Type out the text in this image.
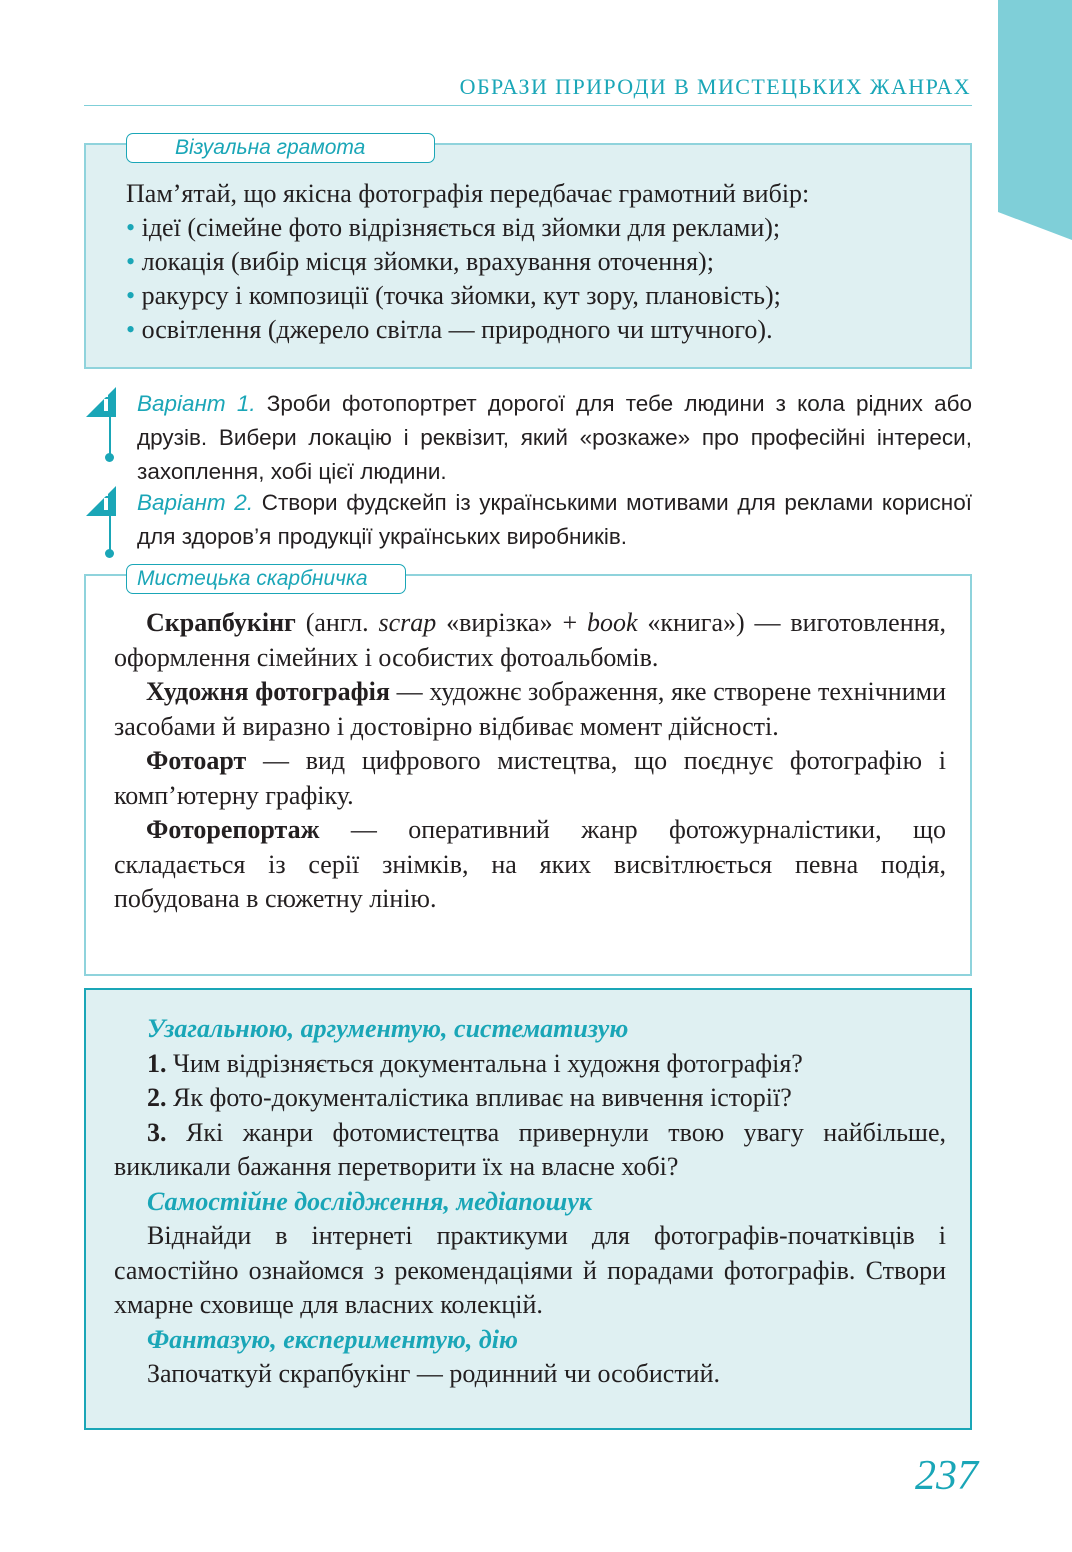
ОБРАЗИ ПРИРОДИ В МИСТЕЦЬКИХ ЖАНРАХ
Візуальна грамота
Пам’ятай, що якісна фотографія передбачає грамотний вибір:
• ідеї (сімейне фото відрізняється від зйомки для реклами);
• локація (вибір місця зйомки, врахування оточення);
• ракурсу і композиції (точка зйомки, кут зору, плановість);
• освітлення (джерело світла — природного чи штучного).
Варіант 1. Зроби фотопортрет дорогої для тебе людини з кола рідних або друзів. Вибери локацію і реквізит, який «розкаже» про професійні інтереси, захоплення, хобі цієї людини.
Варіант 2. Створи фудскейп із українськими мотивами для реклами корисної для здоров’я продукції українських виробників.
Мистецька скарбничка

Скрапбукінг (англ. scrap «вирізка» + book «книга») — виготовлення, оформлення сімейних і особистих фотоальбомів.

Художня фотографія — художнє зображення, яке створене технічними засобами й виразно і достовірно відбиває момент дійсності.

Фотоарт — вид цифрового мистецтва, що поєднує фотографію і комп’ютерну графіку.

Фоторепортаж — оперативний жанр фотожурналістики, що складається із серії знімків, на яких висвітлюється певна подія, побудована в сюжетну лінію.

Узагальнюю, аргументую, систематизую

1. Чим відрізняється документальна і художня фотографія?

2. Як фото-документалістика впливає на вивчення історії?

3. Які жанри фотомистецтва привернули твою увагу найбільше, викликали бажання перетворити їх на власне хобі?

Самостійне дослідження, медіапошук

Віднайди в інтернеті практикуми для фотографів-початківців і самостійно ознайомся з рекомендаціями й порадами фотографів. Створи хмарне сховище для власних колекцій.

Фантазую, експериментую, дію

Започаткуй скрапбукінг — родинний чи особистий.

237
